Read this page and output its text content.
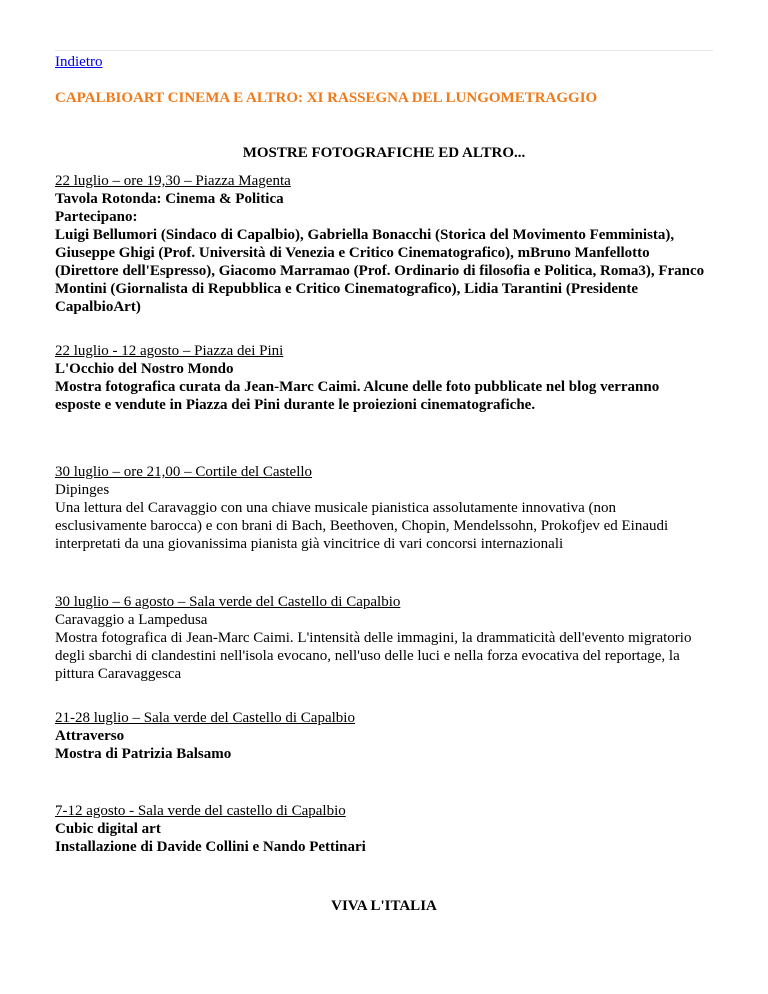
Indietro
CAPALBIOART CINEMA E ALTRO: XI RASSEGNA DEL LUNGOMETRAGGIO
MOSTRE FOTOGRAFICHE ED ALTRO...
22 luglio – ore 19,30 – Piazza Magenta
Tavola Rotonda: Cinema & Politica
Partecipano:
Luigi Bellumori (Sindaco di Capalbio), Gabriella Bonacchi (Storica del Movimento Femminista),
Giuseppe Ghigi (Prof. Università di Venezia e Critico Cinematografico), mBruno Manfellotto
(Direttore dell'Espresso), Giacomo Marramao (Prof. Ordinario di filosofia e Politica, Roma3), Franco
Montini (Giornalista di Repubblica e Critico Cinematografico), Lidia Tarantini (Presidente
CapalbioArt)
22 luglio - 12 agosto – Piazza dei Pini
L'Occhio del Nostro Mondo
Mostra fotografica curata da Jean-Marc Caimi. Alcune delle foto pubblicate nel blog verranno
esposte e vendute in Piazza dei Pini durante le proiezioni cinematografiche.
30 luglio – ore 21,00 – Cortile del Castello
Dipinges
Una lettura del Caravaggio con una chiave musicale pianistica assolutamente innovativa (non
esclusivamente barocca) e con brani di Bach, Beethoven, Chopin, Mendelssohn, Prokofjev ed Einaudi
interpretati da una giovanissima pianista già vincitrice di vari concorsi internazionali
30 luglio – 6 agosto – Sala verde del Castello di Capalbio
Caravaggio a Lampedusa
Mostra fotografica di Jean-Marc Caimi. L'intensità delle immagini, la drammaticità dell'evento migratorio
degli sbarchi di clandestini nell'isola evocano, nell'uso delle luci e nella forza evocativa del reportage, la
pittura Caravaggesca
21-28 luglio – Sala verde del Castello di Capalbio
Attraverso
Mostra di Patrizia Balsamo
7-12 agosto - Sala verde del castello di Capalbio
Cubic digital art
Installazione di Davide Collini e Nando Pettinari
VIVA L'ITALIA
